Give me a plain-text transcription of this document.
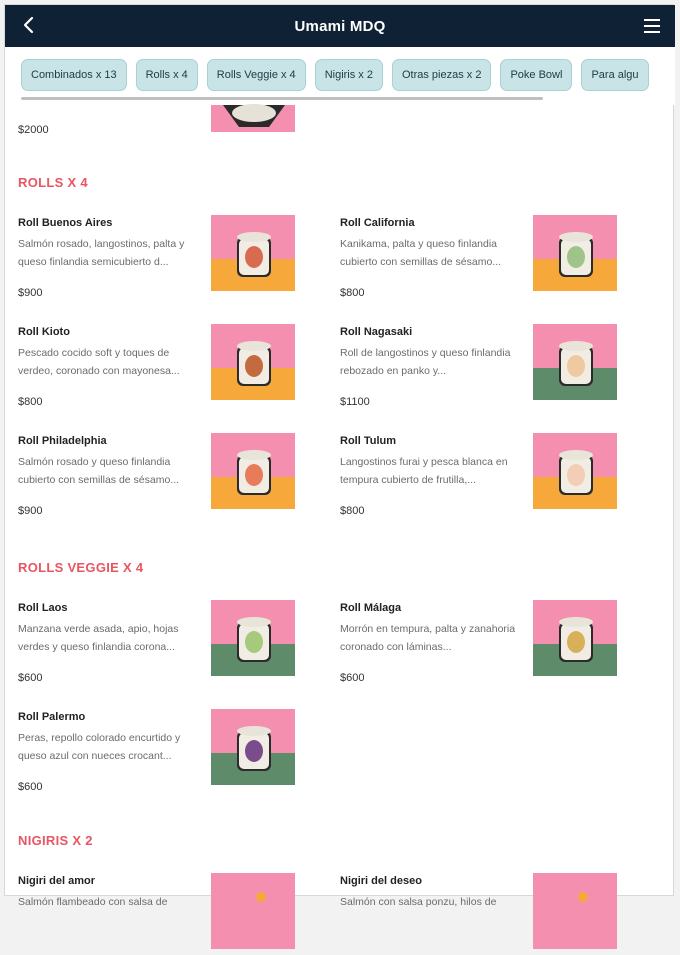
Umami MDQ
Combinados x 13	Rolls x 4	Rolls Veggie x 4	Nigiris x 2	Otras piezas x 2	Poke Bowl	Para algu
$2000
ROLLS X 4
Roll Buenos Aires
Salmón rosado, langostinos, palta y queso finlandia semicubierto d...
$900
Roll California
Kanikama, palta y queso finlandia cubierto con semillas de sésamo...
$800
Roll Kioto
Pescado cocido soft y toques de verdeo, coronado con mayonesa...
$800
Roll Nagasaki
Roll de langostinos y queso finlandia rebozado en panko y...
$1100
Roll Philadelphia
Salmón rosado y queso finlandia cubierto con semillas de sésamo...
$900
Roll Tulum
Langostinos furai y pesca blanca en tempura cubierto de frutilla,...
$800
ROLLS VEGGIE X 4
Roll Laos
Manzana verde asada, apio, hojas verdes y queso finlandia corona...
$600
Roll Málaga
Morrón en tempura, palta y zanahoria coronado con láminas...
$600
Roll Palermo
Peras, repollo colorado encurtido y queso azul con nueces crocant...
$600
NIGIRIS X 2
Nigiri del amor
Salmón flambeado con salsa de
Nigiri del deseo
Salmón con salsa ponzu, hilos de
